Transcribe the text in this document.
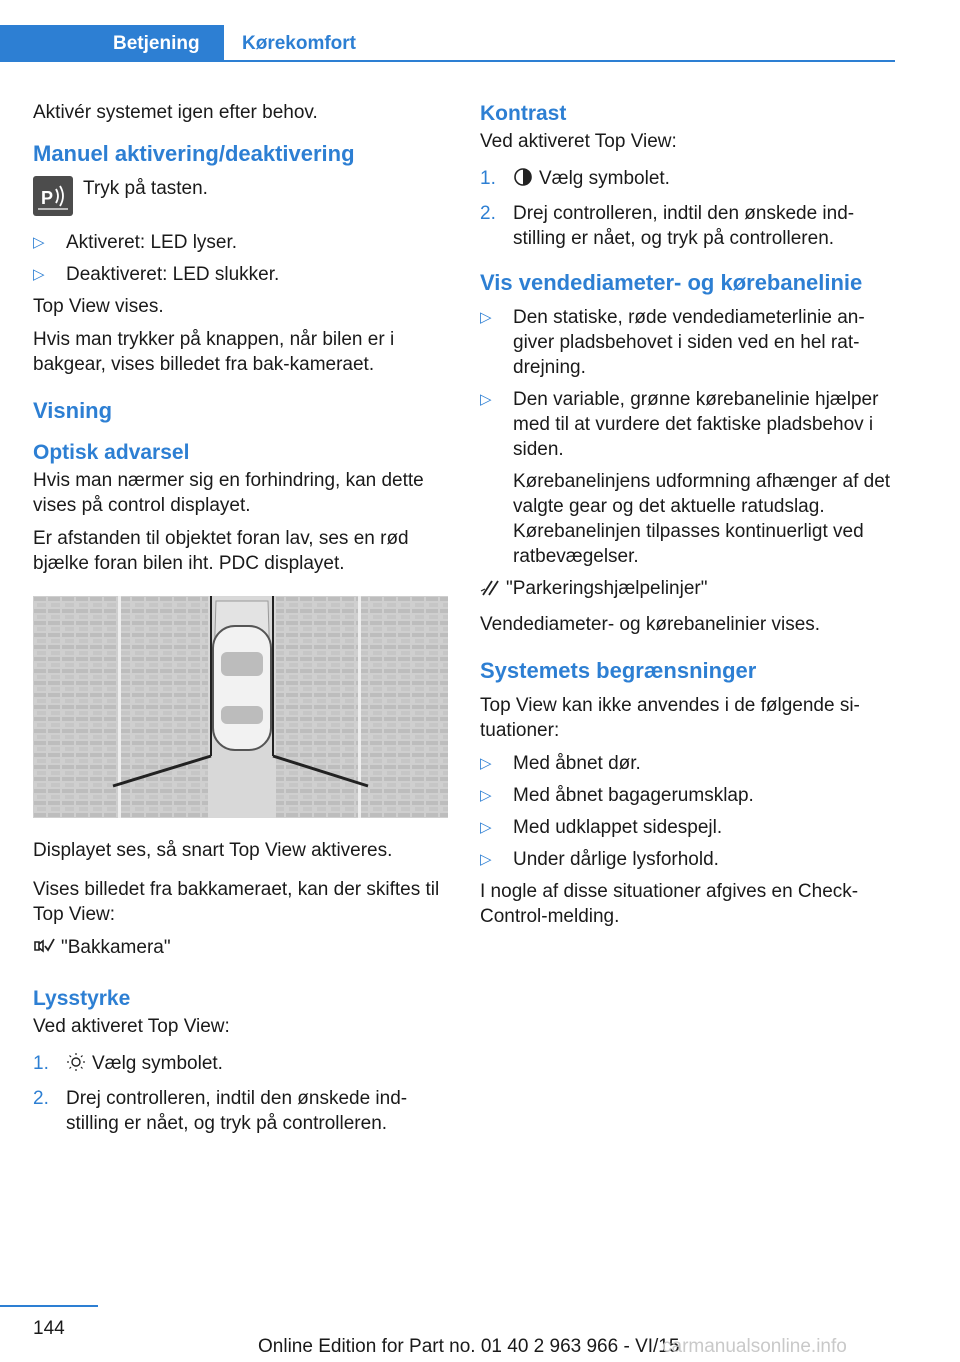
Betjening	Kørekomfort

Aktivér systemet igen efter behov.

Manuel aktivering/deaktivering
P	Tryk på tasten.
▷ Aktiveret: LED lyser.
▷ Deaktiveret: LED slukker.

Top View vises.

Hvis man trykker på knappen, når bilen er i bakgear, vises billedet fra bak-kameraet.

Visning
Optisk advarsel

Hvis man nærmer sig en forhindring, kan dette vises på control displayet.

Er afstanden til objektet foran lav, ses en rød bjælke foran bilen iht. PDC displayet.

Displayet ses, så snart Top View aktiveres.

Vises billedet fra bakkameraet, kan der skiftes til Top View:

"Bakkamera"

Lysstyrke

Ved aktiveret Top View:

1. Vælg symbolet.
2. Drej controlleren, indtil den ønskede ind-stilling er nået, og tryk på controlleren.
Kontrast

Ved aktiveret Top View:

1. Vælg symbolet.
2. Drej controlleren, indtil den ønskede ind-stilling er nået, og tryk på controlleren.
Vis vendediameter- og kørebanelinie
▷ Den statiske, røde vendediameterlinie an-giver pladsbehovet i siden ved en hel rat-drejning.

▷ Den variable, grønne kørebanelinie hjælper med til at vurdere det faktiske pladsbehov i siden.

Kørebanelinjens udformning afhænger af det valgte gear og det aktuelle ratudslag. Kørebanelinjen tilpasses kontinuerligt ved ratbevægelser.

"Parkeringshjælpelinjer"

Vendediameter- og kørebanelinier vises.

Systemets begrænsninger

Top View kan ikke anvendes i de følgende si-tuationer:

▷ Med åbnet dør.
▷ Med åbnet bagagerumsklap.
▷ Med udklappet sidespejl.
▷ Under dårlige lysforhold.

I nogle af disse situationer afgives en Check-Control-melding.

144
Online Edition for Part no. 01 40 2 963 966 - VI/15
carmanualsonline.info
